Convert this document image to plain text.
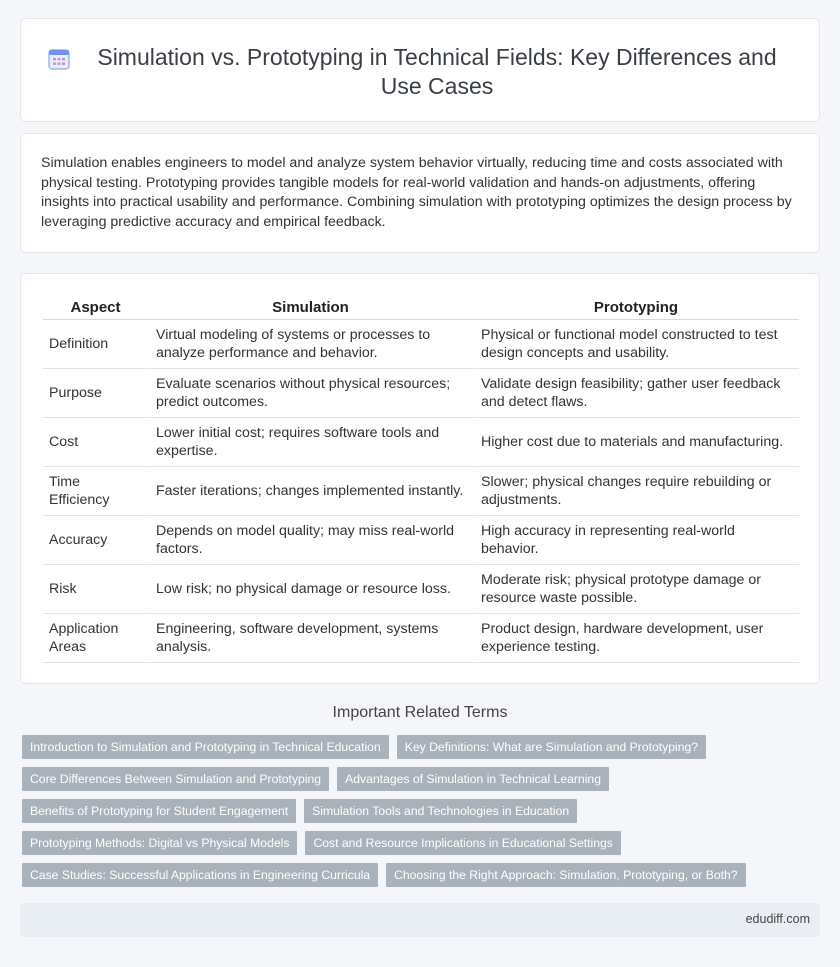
Simulation vs. Prototyping in Technical Fields: Key Differences and Use Cases

Simulation enables engineers to model and analyze system behavior virtually, reducing time and costs associated with physical testing. Prototyping provides tangible models for real-world validation and hands-on adjustments, offering insights into practical usability and performance. Combining simulation with prototyping optimizes the design process by leveraging predictive accuracy and empirical feedback.

Aspect	Simulation	Prototyping
Definition	Virtual modeling of systems or processes to analyze performance and behavior.	Physical or functional model constructed to test design concepts and usability.
Purpose	Evaluate scenarios without physical resources; predict outcomes.	Validate design feasibility; gather user feedback and detect flaws.
Cost	Lower initial cost; requires software tools and expertise.	Higher cost due to materials and manufacturing.
Time Efficiency	Faster iterations; changes implemented instantly.	Slower; physical changes require rebuilding or adjustments.
Accuracy	Depends on model quality; may miss real-world factors.	High accuracy in representing real-world behavior.
Risk	Low risk; no physical damage or resource loss.	Moderate risk; physical prototype damage or resource waste possible.
Application Areas	Engineering, software development, systems analysis.	Product design, hardware development, user experience testing.
Important Related Terms
Introduction to Simulation and Prototyping in Technical Education	Key Definitions: What are Simulation and Prototyping?
Core Differences Between Simulation and Prototyping	Advantages of Simulation in Technical Learning
Benefits of Prototyping for Student Engagement	Simulation Tools and Technologies in Education
Prototyping Methods: Digital vs Physical Models	Cost and Resource Implications in Educational Settings
Case Studies: Successful Applications in Engineering Curricula	Choosing the Right Approach: Simulation, Prototyping, or Both?
edudiff.com
